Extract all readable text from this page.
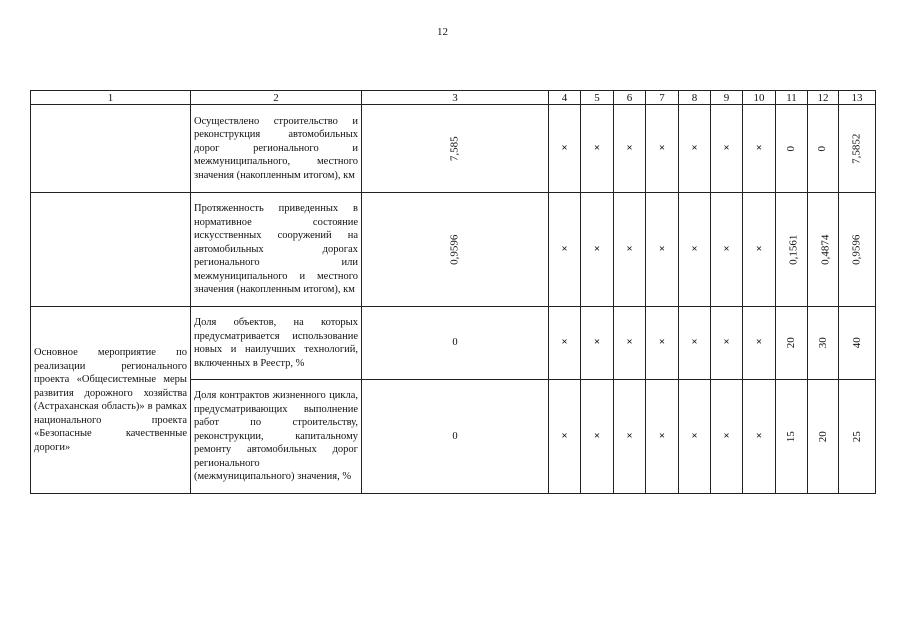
12
1	2	3	4	5	6	7	8	9	10	11	12	13
	Осуществлено строительство и реконструкция автомобильных дорог регионального и межмуниципального, местного значения (накопленным итогом), км	7,585	×	×	×	×	×	×	×	0	0	7,5852
	Протяженность приведенных в нормативное состояние искусственных сооружений на автомобильных дорогах регионального или межмуниципального и местного значения (накопленным итогом), км	0,9596	×	×	×	×	×	×	×	0,1561	0,4874	0,9596
Основное мероприятие по реализации регионального проекта «Общесистемные меры развития дорожного хозяйства (Астраханская область)» в рамках национального проекта «Безопасные качественные дороги»	Доля объектов, на которых предусматривается использование новых и наилучших технологий, включенных в Реестр, %	0	×	×	×	×	×	×	×	20	30	40
	Доля контрактов жизненного цикла, предусматривающих выполнение работ по строительству, реконструкции, капитальному ремонту автомобильных дорог регионального (межмуниципального) значения, %	0	×	×	×	×	×	×	×	15	20	25
